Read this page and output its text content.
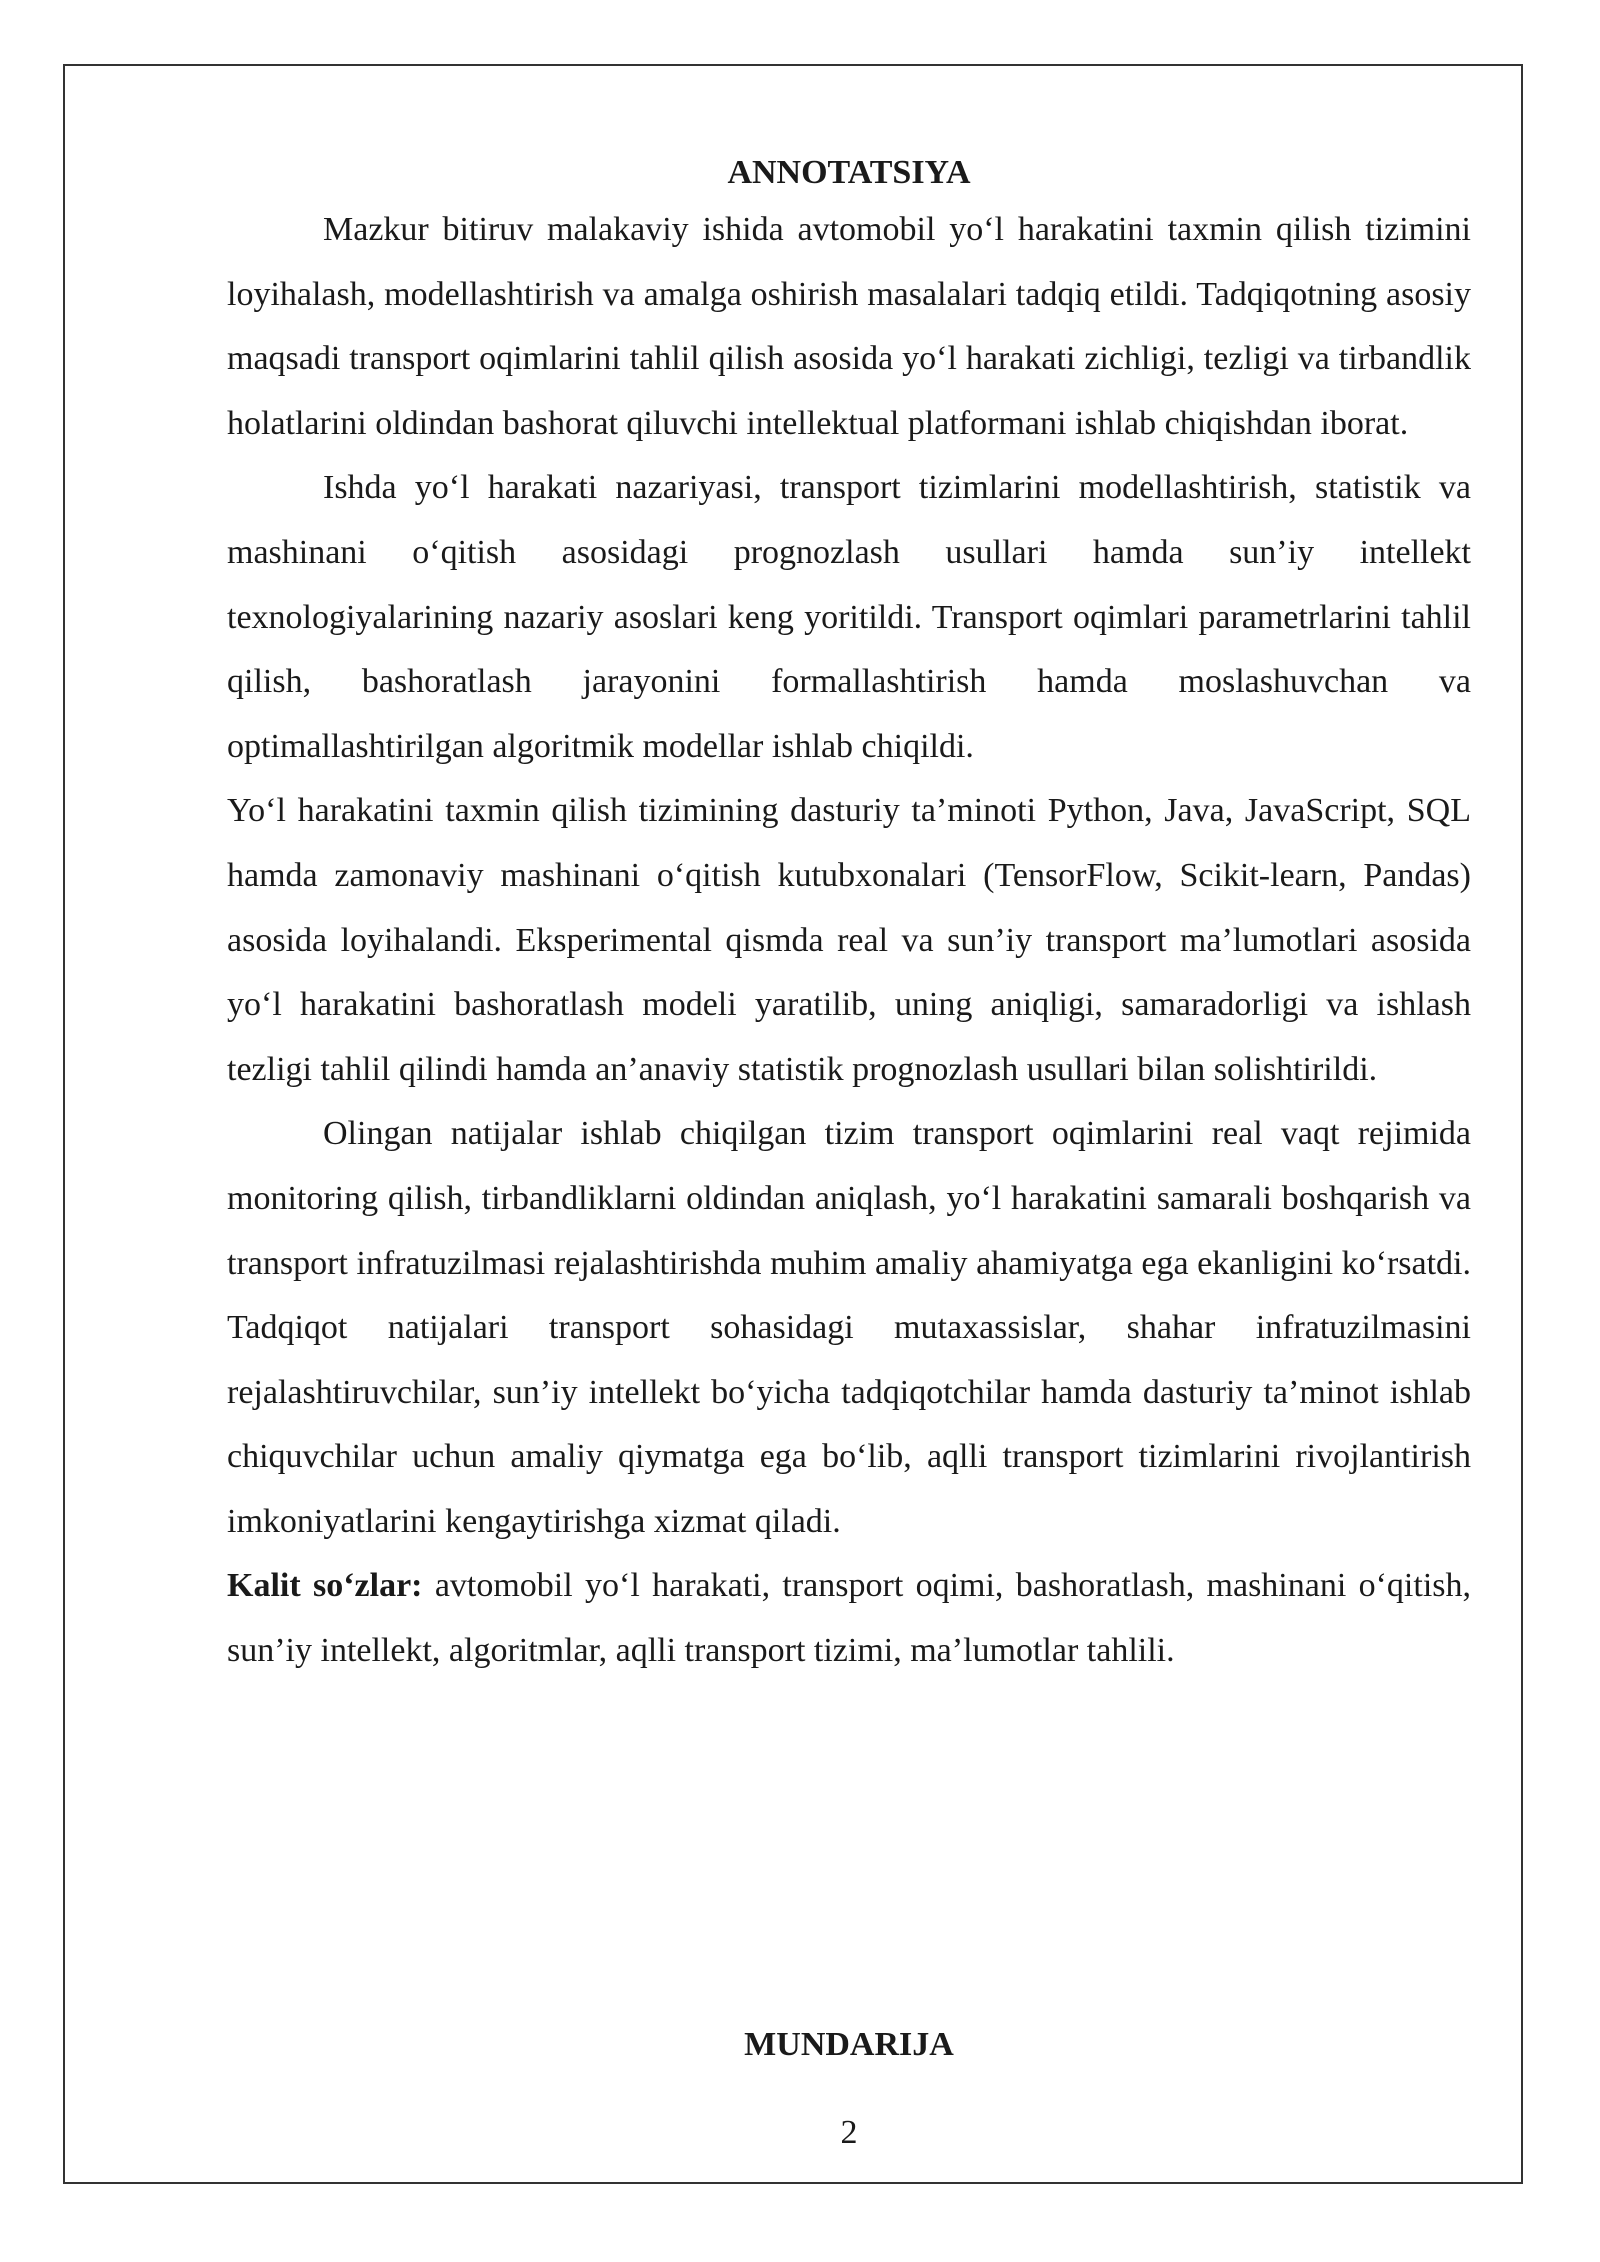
ANNOTATSIYA

Mazkur bitiruv malakaviy ishida avtomobil yo‘l harakatini taxmin qilish tizimini loyihalash, modellashtirish va amalga oshirish masalalari tadqiq etildi. Tadqiqotning asosiy maqsadi transport oqimlarini tahlil qilish asosida yo‘l harakati zichligi, tezligi va tirbandlik holatlarini oldindan bashorat qiluvchi intellektual platformani ishlab chiqishdan iborat.

Ishda yo‘l harakati nazariyasi, transport tizimlarini modellashtirish, statistik va mashinani o‘qitish asosidagi prognozlash usullari hamda sun’iy intellekt texnologiyalarining nazariy asoslari keng yoritildi. Transport oqimlari parametrlarini tahlil qilish, bashoratlash jarayonini formallashtirish hamda moslashuvchan va optimallashtirilgan algoritmik modellar ishlab chiqildi.

Yo‘l harakatini taxmin qilish tizimining dasturiy ta’minoti Python, Java, JavaScript, SQL hamda zamonaviy mashinani o‘qitish kutubxonalari (TensorFlow, Scikit-learn, Pandas) asosida loyihalandi. Eksperimental qismda real va sun’iy transport ma’lumotlari asosida yo‘l harakatini bashoratlash modeli yaratilib, uning aniqligi, samaradorligi va ishlash tezligi tahlil qilindi hamda an’anaviy statistik prognozlash usullari bilan solishtirildi.

Olingan natijalar ishlab chiqilgan tizim transport oqimlarini real vaqt rejimida monitoring qilish, tirbandliklarni oldindan aniqlash, yo‘l harakatini samarali boshqarish va transport infratuzilmasi rejalashtirishda muhim amaliy ahamiyatga ega ekanligini ko‘rsatdi. Tadqiqot natijalari transport sohasidagi mutaxassislar, shahar infratuzilmasini rejalashtiruvchilar, sun’iy intellekt bo‘yicha tadqiqotchilar hamda dasturiy ta’minot ishlab chiquvchilar uchun amaliy qiymatga ega bo‘lib, aqlli transport tizimlarini rivojlantirish imkoniyatlarini kengaytirishga xizmat qiladi.

Kalit so‘zlar: avtomobil yo‘l harakati, transport oqimi, bashoratlash, mashinani o‘qitish, sun’iy intellekt, algoritmlar, aqlli transport tizimi, ma’lumotlar tahlili.

MUNDARIJA
2
